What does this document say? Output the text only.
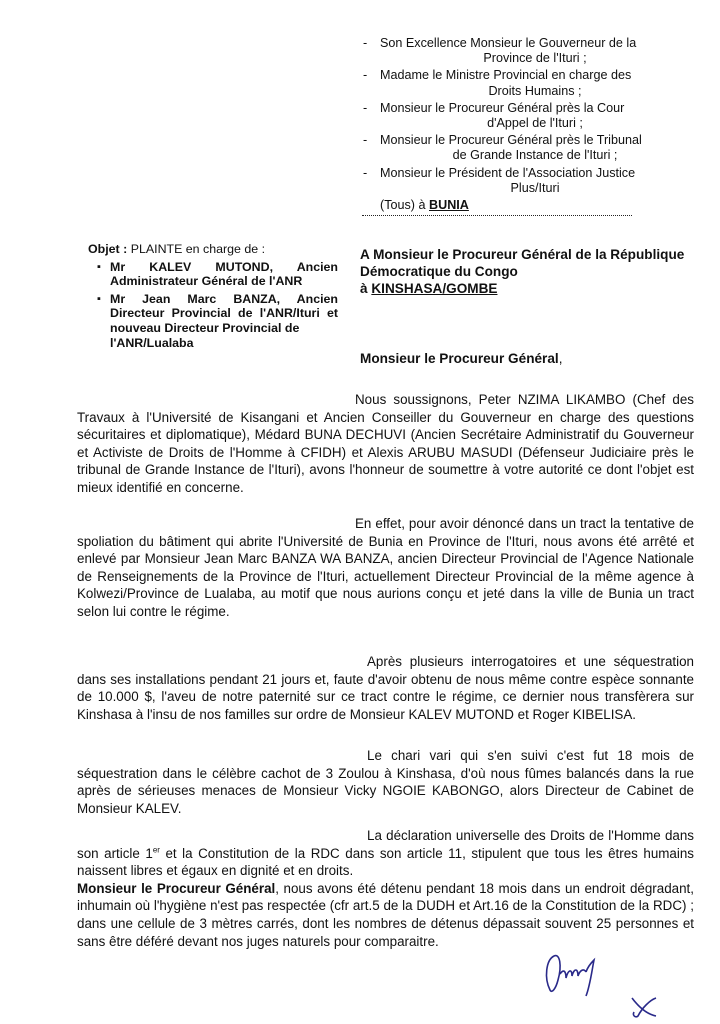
- Son Excellence Monsieur le Gouverneur de la
Province de l'Ituri ;
- Madame le Ministre Provincial en charge des
Droits Humains ;
- Monsieur le Procureur Général près la Cour
d'Appel de l'Ituri ;
- Monsieur le Procureur Général près le Tribunal
de Grande Instance de l'Ituri ;
- Monsieur le Président de l'Association Justice
Plus/Ituri
(Tous) à BUNIA
Objet : PLAINTE en charge de :
▪ Mr KALEV MUTOND, Ancien Administrateur Général de l'ANR
▪ Mr Jean Marc BANZA, Ancien Directeur Provincial de l'ANR/Ituri et nouveau Directeur Provincial de
l'ANR/Lualaba
A Monsieur le Procureur Général de la République Démocratique du Congo
à KINSHASA/GOMBE
Monsieur le Procureur Général,
Nous soussignons, Peter NZIMA LIKAMBO (Chef des Travaux à l'Université de Kisangani et Ancien Conseiller du Gouverneur en charge des questions sécuritaires et diplomatique), Médard BUNA DECHUVI (Ancien Secrétaire Administratif du Gouverneur et Activiste de Droits de l'Homme à CFIDH) et Alexis ARUBU MASUDI (Défenseur Judiciaire près le tribunal de Grande Instance de l'Ituri), avons l'honneur de soumettre à votre autorité ce dont l'objet est mieux identifié en concerne.
En effet, pour avoir dénoncé dans un tract la tentative de spoliation du bâtiment qui abrite l'Université de Bunia en Province de l'Ituri, nous avons été arrêté et enlevé par Monsieur Jean Marc BANZA WA BANZA, ancien Directeur Provincial de l'Agence Nationale de Renseignements de la Province de l'Ituri, actuellement Directeur Provincial de la même agence à Kolwezi/Province de Lualaba, au motif que nous aurions conçu et jeté dans la ville de Bunia un tract selon lui contre le régime.
Après plusieurs interrogatoires et une séquestration dans ses installations pendant 21 jours et, faute d'avoir obtenu de nous même contre espèce sonnante de 10.000 $, l'aveu de notre paternité sur ce tract contre le régime, ce dernier nous transfèrera sur Kinshasa à l'insu de nos familles sur ordre de Monsieur KALEV MUTOND et Roger KIBELISA.
Le chari vari qui s'en suivi c'est fut 18 mois de séquestration dans le célèbre cachot de 3 Zoulou à Kinshasa, d'où nous fûmes balancés dans la rue après de sérieuses menaces de Monsieur Vicky NGOIE KABONGO, alors Directeur de Cabinet de Monsieur KALEV.
La déclaration universelle des Droits de l'Homme dans son article 1er et la Constitution de la RDC dans son article 11, stipulent que tous les êtres humains naissent libres et égaux en dignité et en droits.
Monsieur le Procureur Général, nous avons été détenu pendant 18 mois dans un endroit dégradant, inhumain où l'hygiène n'est pas respectée (cfr art.5 de la DUDH et Art.16 de la Constitution de la RDC) ; dans une cellule de 3 mètres carrés, dont les nombres de détenus dépassait souvent 25 personnes et sans être déféré devant nos juges naturels pour comparaitre.
